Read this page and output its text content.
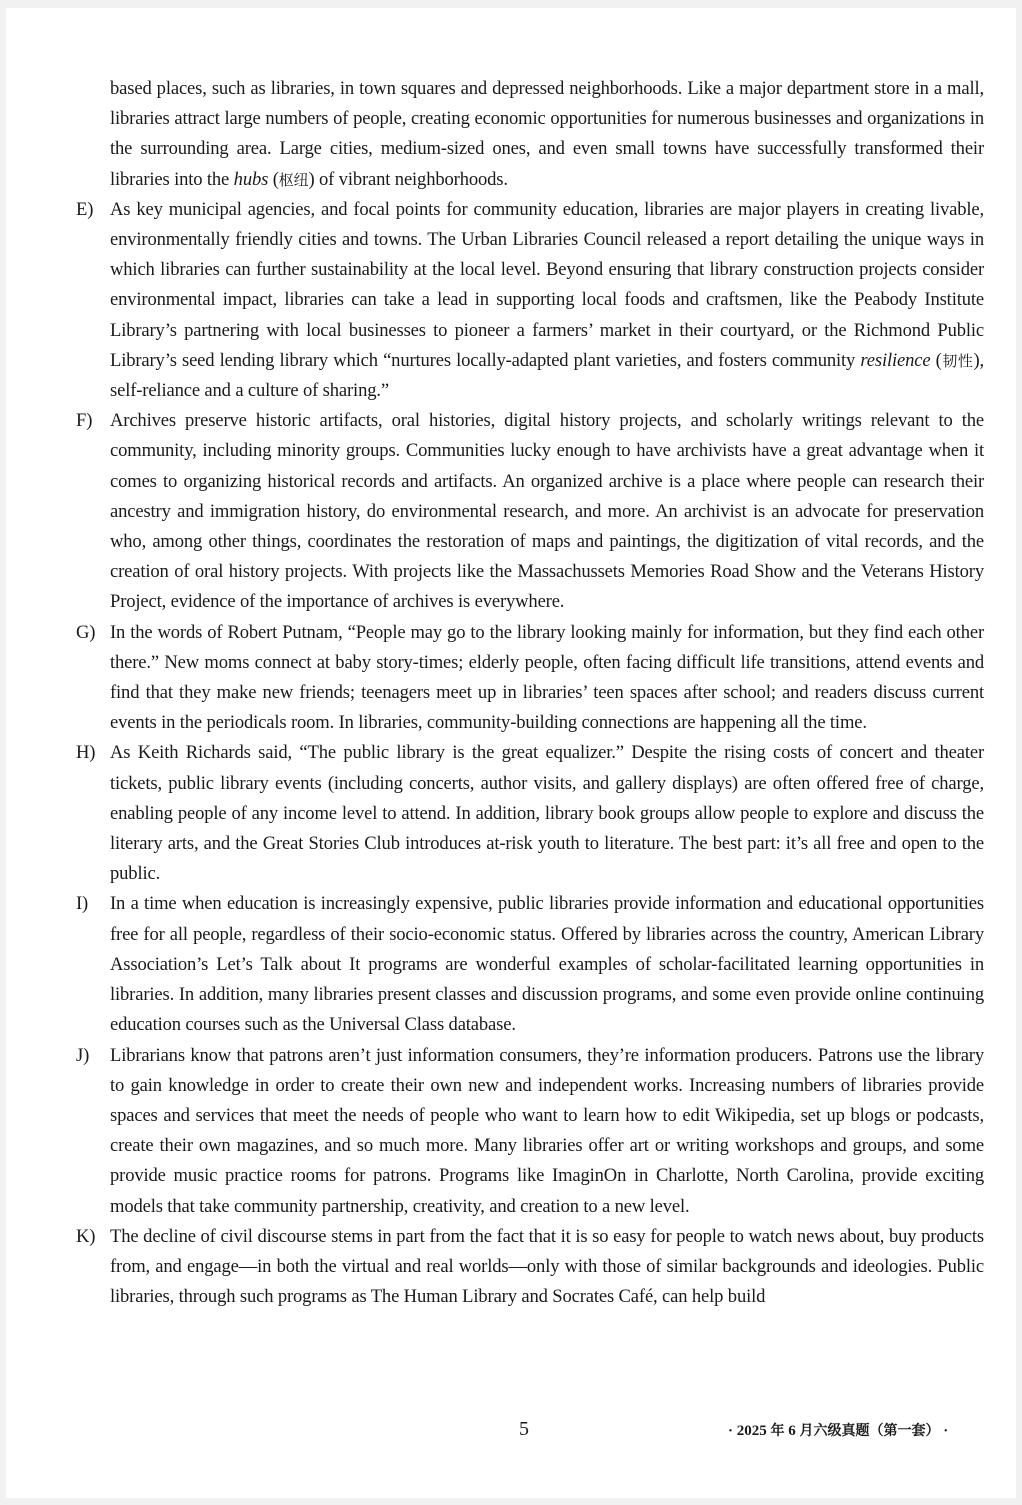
based places, such as libraries, in town squares and depressed neighborhoods. Like a major department store in a mall, libraries attract large numbers of people, creating economic opportunities for numerous businesses and organizations in the surrounding area. Large cities, medium-sized ones, and even small towns have successfully transformed their libraries into the hubs (枢纽) of vibrant neighborhoods.
E) As key municipal agencies, and focal points for community education, libraries are major players in creating livable, environmentally friendly cities and towns. The Urban Libraries Council released a report detailing the unique ways in which libraries can further sustainability at the local level. Beyond ensuring that library construction projects consider environmental impact, libraries can take a lead in supporting local foods and craftsmen, like the Peabody Institute Library’s partnering with local businesses to pioneer a farmers’ market in their courtyard, or the Richmond Public Library’s seed lending library which “nurtures locally-adapted plant varieties, and fosters community resilience (韧性), self-reliance and a culture of sharing.”
F) Archives preserve historic artifacts, oral histories, digital history projects, and scholarly writings relevant to the community, including minority groups. Communities lucky enough to have archivists have a great advantage when it comes to organizing historical records and artifacts. An organized archive is a place where people can research their ancestry and immigration history, do environmental research, and more. An archivist is an advocate for preservation who, among other things, coordinates the restoration of maps and paintings, the digitization of vital records, and the creation of oral history projects. With projects like the Massachussets Memories Road Show and the Veterans History Project, evidence of the importance of archives is everywhere.
G) In the words of Robert Putnam, “People may go to the library looking mainly for information, but they find each other there.” New moms connect at baby story-times; elderly people, often facing difficult life transitions, attend events and find that they make new friends; teenagers meet up in libraries’ teen spaces after school; and readers discuss current events in the periodicals room. In libraries, community-building connections are happening all the time.
H) As Keith Richards said, “The public library is the great equalizer.” Despite the rising costs of concert and theater tickets, public library events (including concerts, author visits, and gallery displays) are often offered free of charge, enabling people of any income level to attend. In addition, library book groups allow people to explore and discuss the literary arts, and the Great Stories Club introduces at-risk youth to literature. The best part: it’s all free and open to the public.
I)	In a time when education is increasingly expensive, public libraries provide information and educational opportunities free for all people, regardless of their socio-economic status. Offered by libraries across the country, American Library Association’s Let’s Talk about It programs are wonderful examples of scholar-facilitated learning opportunities in libraries. In addition, many libraries present classes and discussion programs, and some even provide online continuing education courses such as the Universal Class database.
J)	Librarians know that patrons aren’t just information consumers, they’re information producers. Patrons use the library to gain knowledge in order to create their own new and independent works. Increasing numbers of libraries provide spaces and services that meet the needs of people who want to learn how to edit Wikipedia, set up blogs or podcasts, create their own magazines, and so much more. Many libraries offer art or writing workshops and groups, and some provide music practice rooms for patrons. Programs like ImaginOn in Charlotte, North Carolina, provide exciting models that take community partnership, creativity, and creation to a new level.
K) The decline of civil discourse stems in part from the fact that it is so easy for people to watch news about, buy products from, and engage—in both the virtual and real worlds—only with those of similar backgrounds and ideologies. Public libraries, through such programs as The Human Library and Socrates Café, can help build
5	· 2025 年 6 月六级真题（第一套） ·
